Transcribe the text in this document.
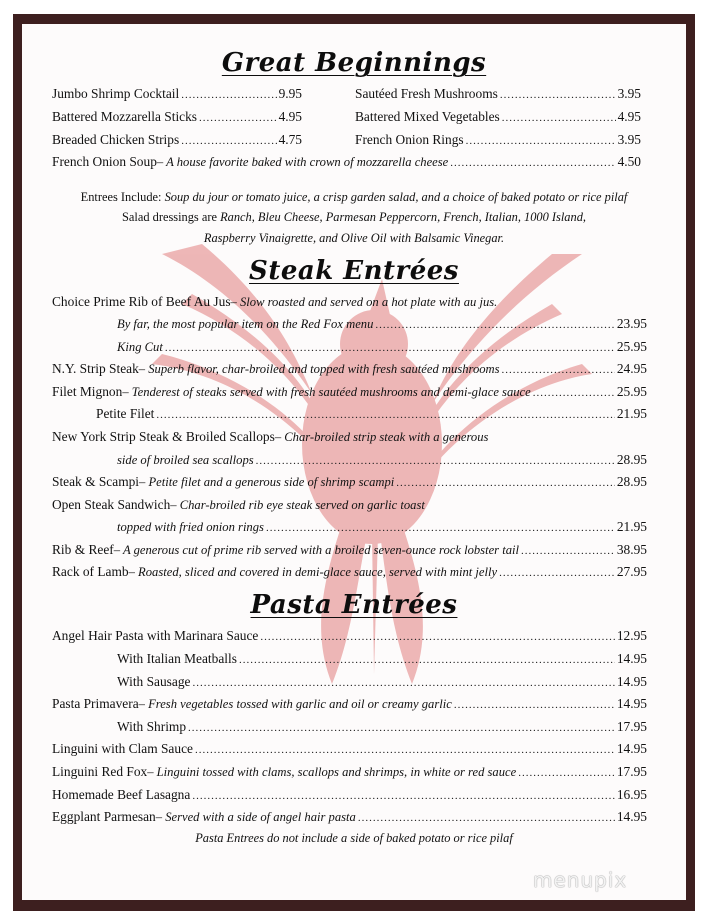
Great Beginnings
Jumbo Shrimp Cocktail .....	9.95	Sautéed Fresh Mushrooms .....	3.95
Battered Mozzarella Sticks .....	4.95	Battered Mixed Vegetables .....	4.95
Breaded Chicken Strips .....	4.75	French Onion Rings .....	3.95
French Onion Soup – A house favorite baked with crown of mozzarella cheese .....	4.50
Entrees Include: Soup du jour or tomato juice, a crisp garden salad, and a choice of baked potato or rice pilaf
Salad dressings are Ranch, Bleu Cheese, Parmesan Peppercorn, French, Italian, 1000 Island,
Raspberry Vinaigrette, and Olive Oil with Balsamic Vinegar.
Steak Entrées
Choice Prime Rib of Beef Au Jus – Slow roasted and served on a hot plate with au jus.
By far, the most popular item on the Red Fox menu .....	23.95
King Cut .....	25.95
N.Y. Strip Steak – Superb flavor, char-broiled and topped with fresh sautéed mushrooms .....	24.95
Filet Mignon – Tenderest of steaks served with fresh sautéed mushrooms and demi-glace sauce .....	25.95
Petite Filet .....	21.95
New York Strip Steak & Broiled Scallops – Char-broiled strip steak with a generous
side of broiled sea scallops .....	28.95
Steak & Scampi – Petite filet and a generous side of shrimp scampi .....	28.95
Open Steak Sandwich – Char-broiled rib eye steak served on garlic toast
topped with fried onion rings .....	21.95
Rib & Reef – A generous cut of prime rib served with a broiled seven-ounce rock lobster tail .....	38.95
Rack of Lamb – Roasted, sliced and covered in demi-glace sauce, served with mint jelly .....	27.95
Pasta Entrées
Angel Hair Pasta with Marinara Sauce .....	12.95
With Italian Meatballs .....	14.95
With Sausage .....	14.95
Pasta Primavera – Fresh vegetables tossed with garlic and oil or creamy garlic .....	14.95
With Shrimp .....	17.95
Linguini with Clam Sauce .....	14.95
Linguini Red Fox – Linguini tossed with clams, scallops and shrimps, in white or red sauce .....	17.95
Homemade Beef Lasagna .....	16.95
Eggplant Parmesan – Served with a side of angel hair pasta .....	14.95
Pasta Entrees do not include a side of baked potato or rice pilaf
menupix
